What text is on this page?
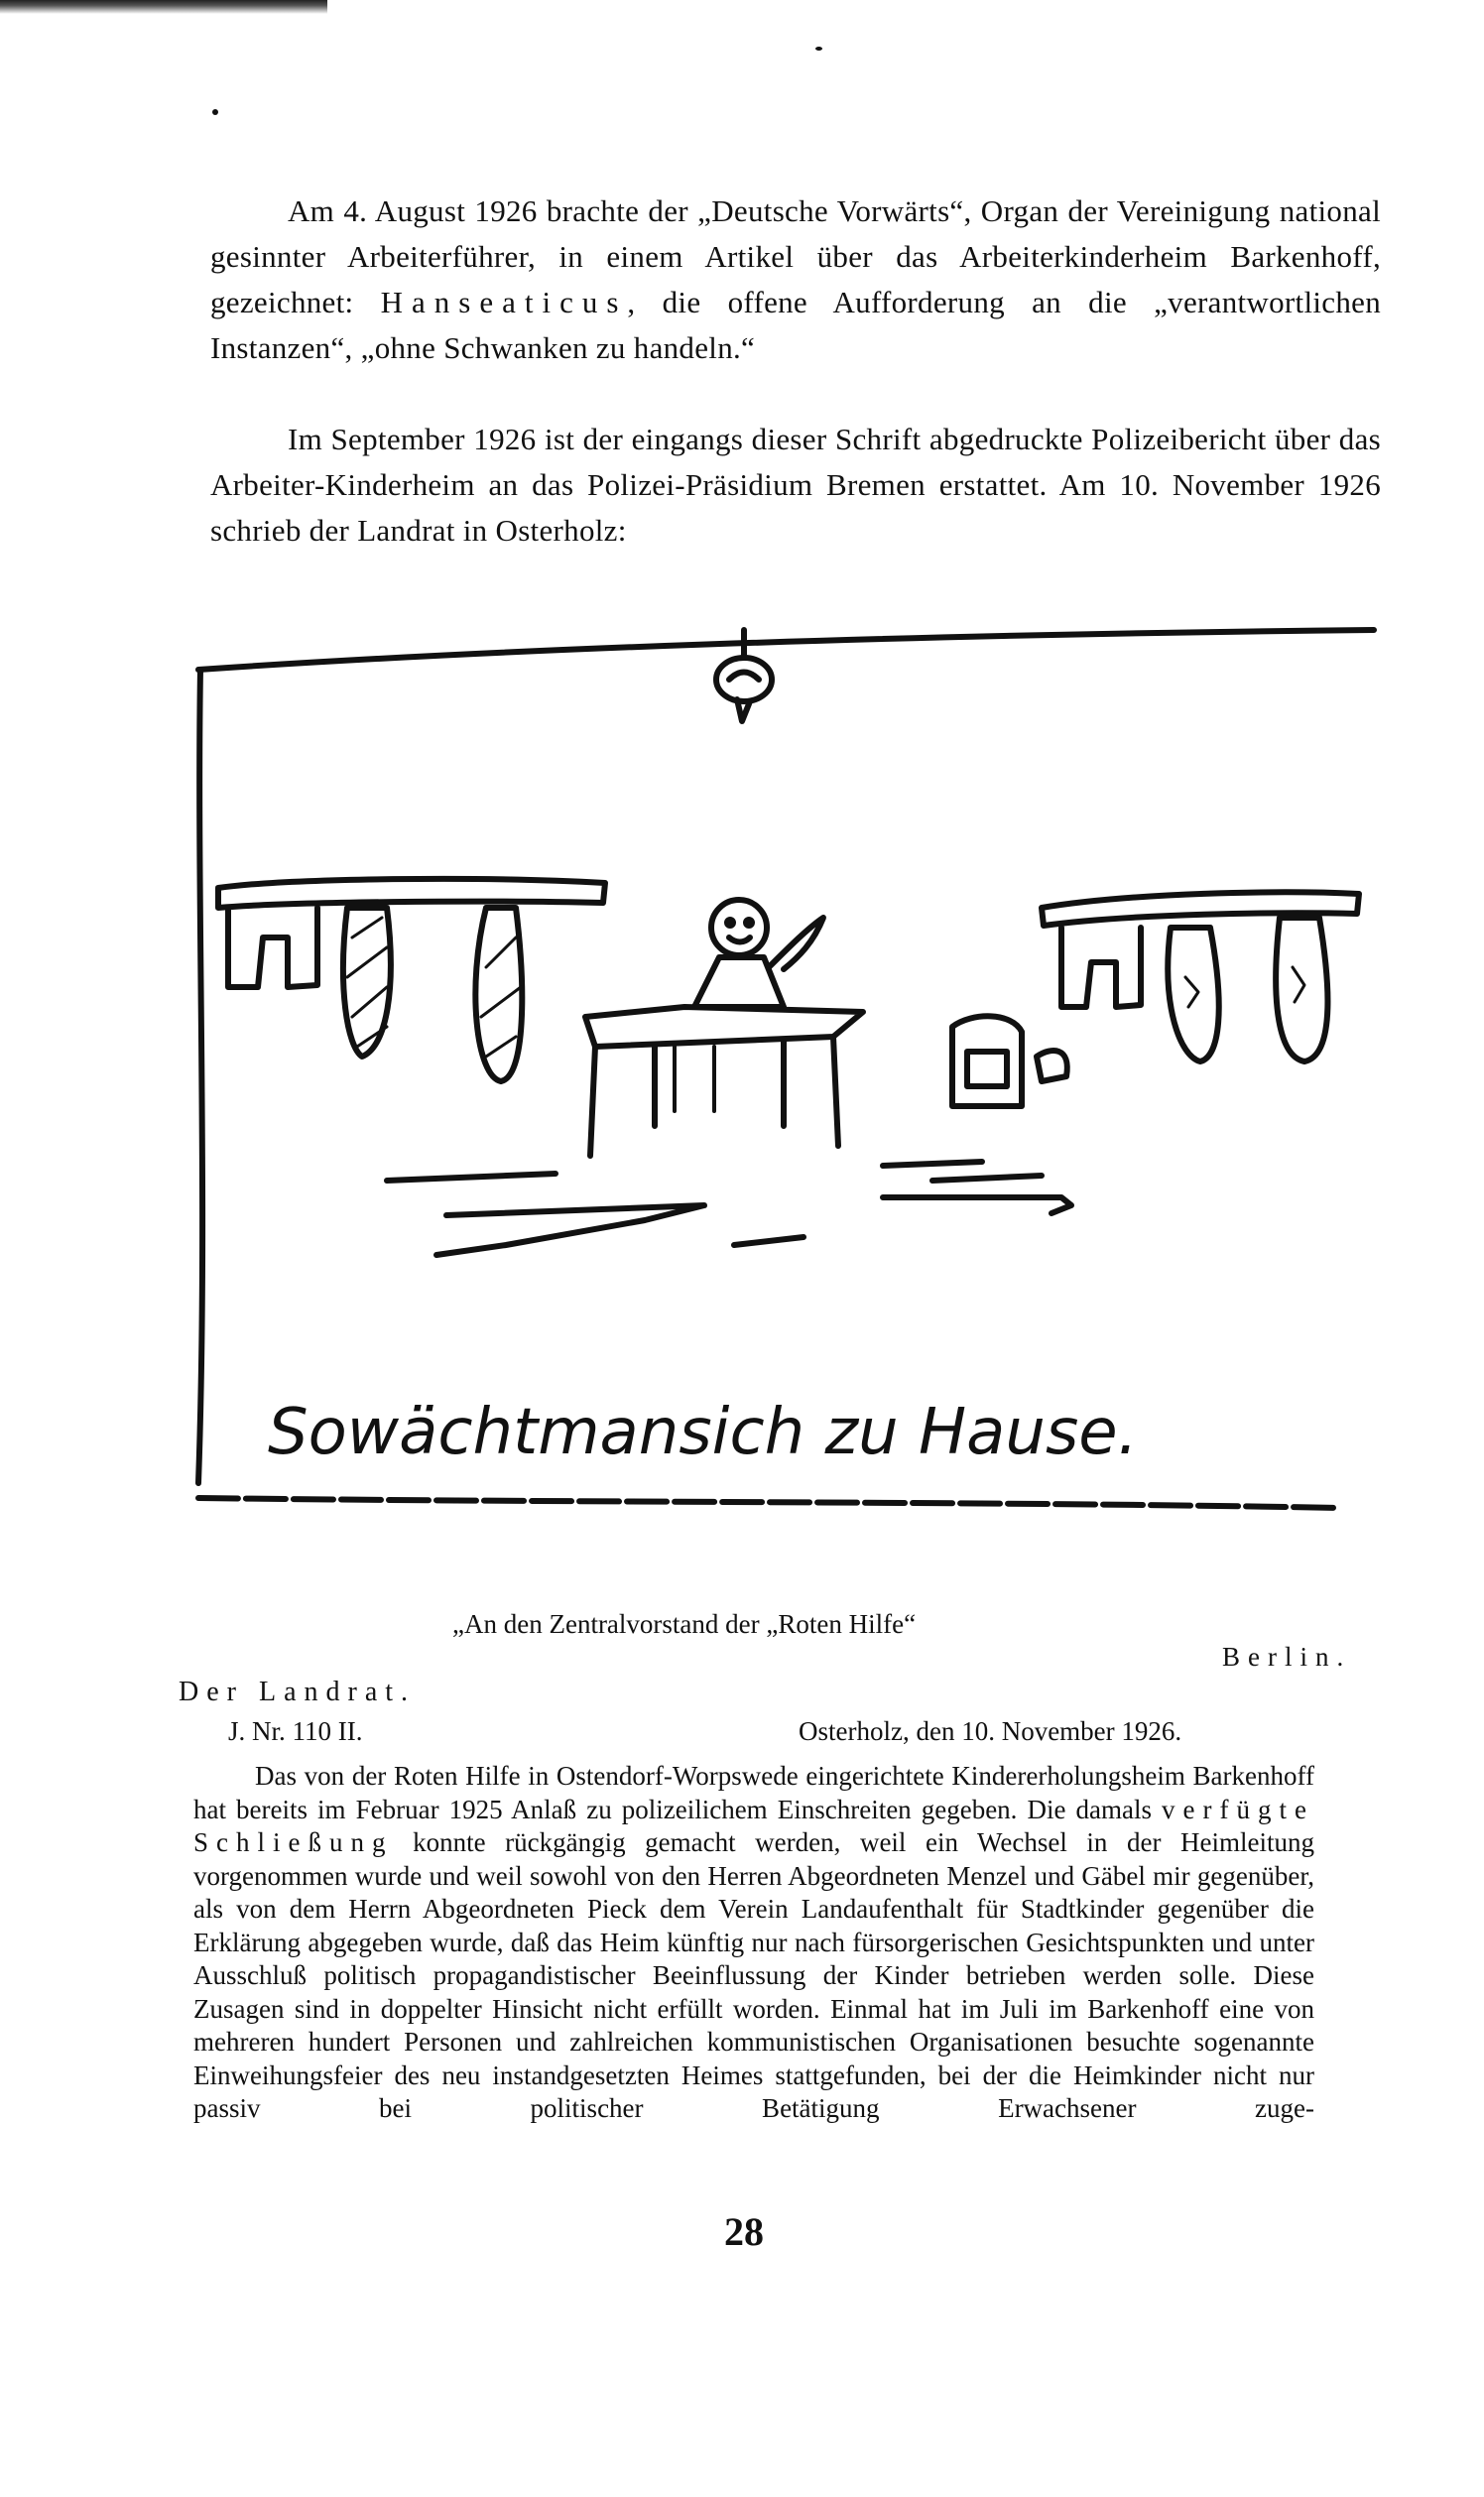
Am 4. August 1926 brachte der „Deutsche Vorwärts“, Organ der Vereinigung national gesinnter Arbeiterführer, in einem Artikel über das Arbeiterkinderheim Barkenhoff, gezeichnet: Hanseaticus, die offene Aufforderung an die „verantwortlichen Instanzen“, „ohne Schwanken zu handeln.“

Im September 1926 ist der eingangs dieser Schrift abgedruckte Polizeibericht über das Arbeiter-Kinderheim an das Polizei-Präsidium Bremen erstattet. Am 10. November 1926 schrieb der Landrat in Osterholz:

Sowächtmansich zu Hause.
„An den Zentralvorstand der „Roten Hilfe“
Berlin.
Der Landrat.
J. Nr. 110 II.	Osterholz, den 10. November 1926.

Das von der Roten Hilfe in Ostendorf-Worpswede eingerichtete Kindererholungsheim Barkenhoff hat bereits im Februar 1925 Anlaß zu polizeilichem Einschreiten gegeben. Die damals verfügte Schließung konnte rückgängig gemacht werden, weil ein Wechsel in der Heimleitung vorgenommen wurde und weil sowohl von den Herren Abgeordneten Menzel und Gäbel mir gegenüber, als von dem Herrn Abgeordneten Pieck dem Verein Landaufenthalt für Stadtkinder gegenüber die Erklärung abgegeben wurde, daß das Heim künftig nur nach fürsorgerischen Gesichtspunkten und unter Ausschluß politisch propagandistischer Beeinflussung der Kinder betrieben werden solle. Diese Zusagen sind in doppelter Hinsicht nicht erfüllt worden. Einmal hat im Juli im Barkenhoff eine von mehreren hundert Personen und zahlreichen kommunistischen Organisationen besuchte sogenannte Einweihungsfeier des neu instandgesetzten Heimes stattgefunden, bei der die Heimkinder nicht nur passiv bei politischer Betätigung Erwachsener zuge-

28
